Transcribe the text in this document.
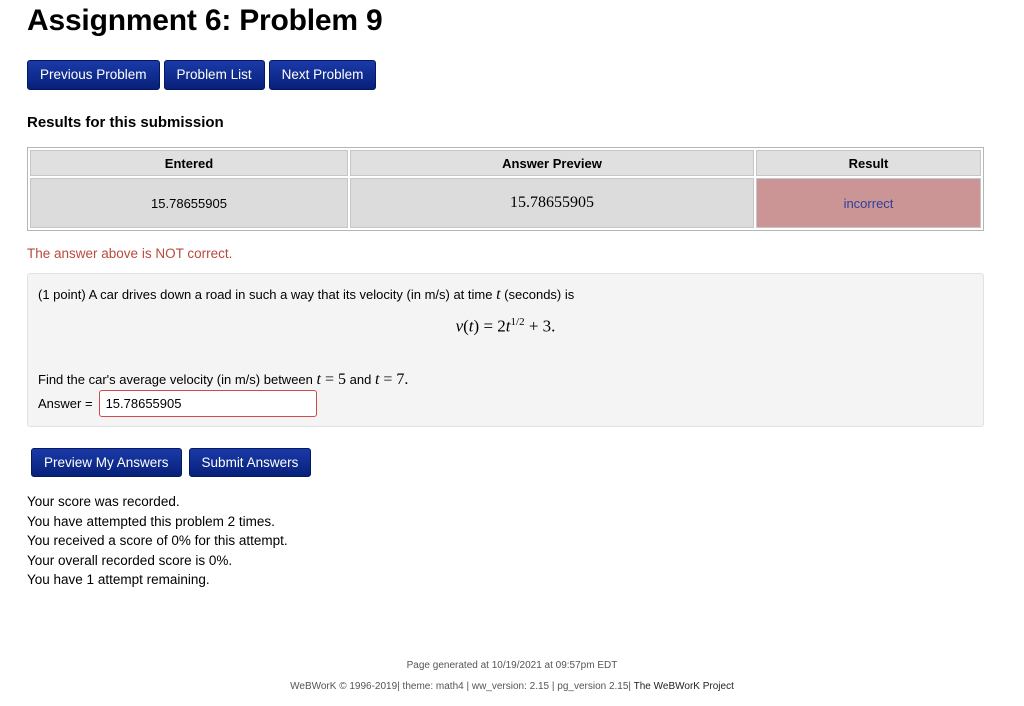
Assignment 6: Problem 9
Previous Problem	Problem List	Next Problem
Results for this submission
Entered	Answer Preview	Result
15.78655905	15.78655905	incorrect
The answer above is NOT correct.
(1 point) A car drives down a road in such a way that its velocity (in m/s) at time t (seconds) is
$v(t) = 2t^{1/2} + 3$.
Find the car's average velocity (in m/s) between t = 5 and t = 7.
Answer =
15.78655905
Preview My Answers	Submit Answers
Your score was recorded.
You have attempted this problem 2 times.
You received a score of 0% for this attempt.
Your overall recorded score is 0%.
You have 1 attempt remaining.
Page generated at 10/19/2021 at 09:57pm EDT
WeBWorK © 1996-2019| theme: math4 | ww_version: 2.15 | pg_version 2.15| The WeBWorK Project
